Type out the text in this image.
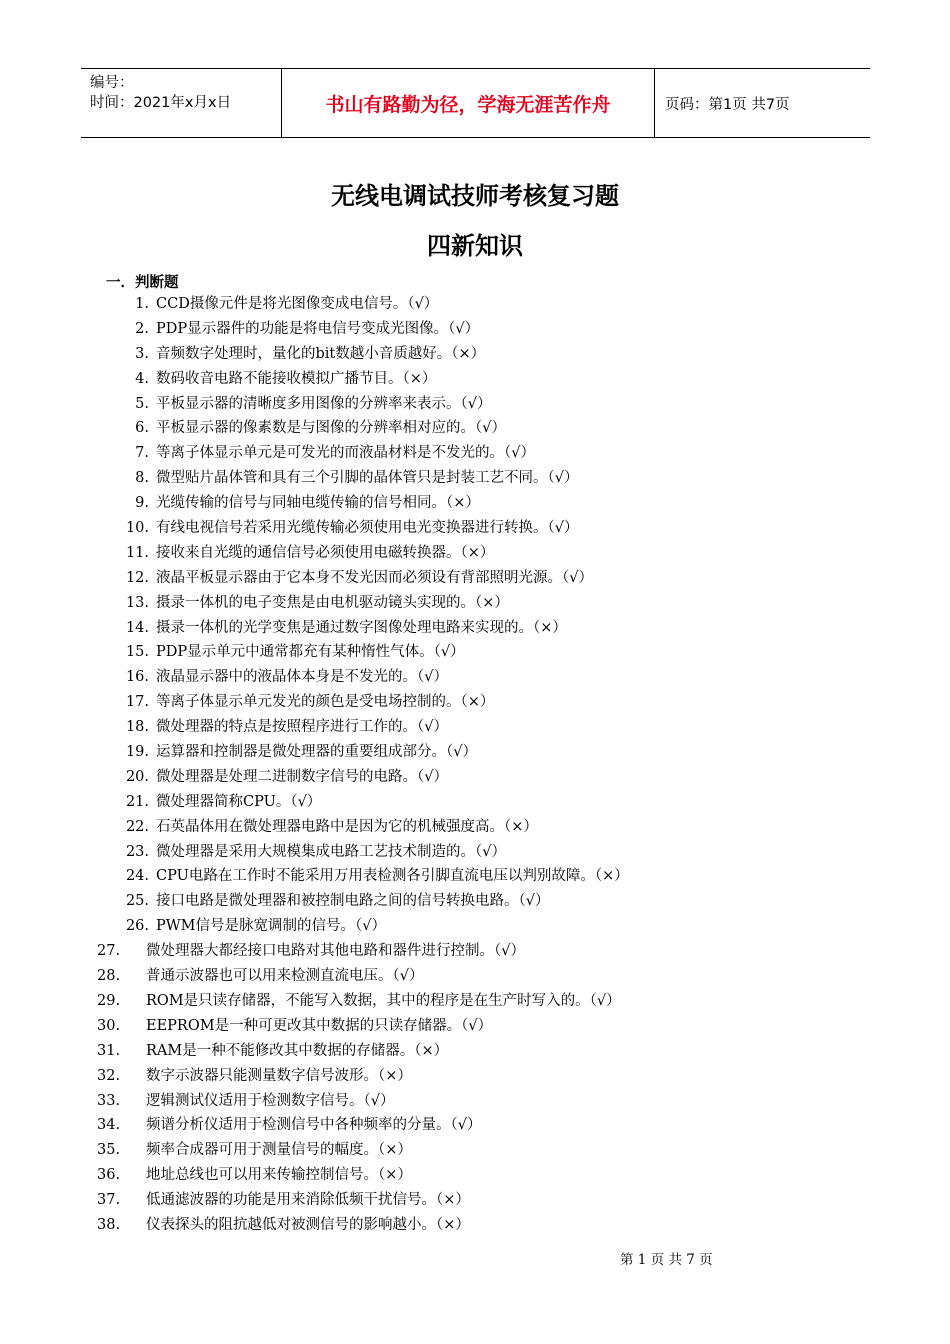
编号：
时间：2021年x月x日	书山有路勤为径，学海无涯苦作舟	页码：第1页 共7页
无线电调试技师考核复习题
四新知识
一．判断题
1. CCD摄像元件是将光图像变成电信号。（√）
2. PDP显示器件的功能是将电信号变成光图像。（√）
3. 音频数字处理时，量化的bit数越小音质越好。（×）
4. 数码收音电路不能接收模拟广播节目。（×）
5. 平板显示器的清晰度多用图像的分辨率来表示。（√）
6. 平板显示器的像素数是与图像的分辨率相对应的。（√）
7. 等离子体显示单元是可发光的而液晶材料是不发光的。（√）
8. 微型贴片晶体管和具有三个引脚的晶体管只是封装工艺不同。（√）
9. 光缆传输的信号与同轴电缆传输的信号相同。（×）
10. 有线电视信号若采用光缆传输必须使用电光变换器进行转换。（√）
11. 接收来自光缆的通信信号必须使用电磁转换器。（×）
12. 液晶平板显示器由于它本身不发光因而必须设有背部照明光源。（√）
13. 摄录一体机的电子变焦是由电机驱动镜头实现的。（×）
14. 摄录一体机的光学变焦是通过数字图像处理电路来实现的。（×）
15. PDP显示单元中通常都充有某种惰性气体。（√）
16. 液晶显示器中的液晶体本身是不发光的。（√）
17. 等离子体显示单元发光的颜色是受电场控制的。（×）
18. 微处理器的特点是按照程序进行工作的。（√）
19. 运算器和控制器是微处理器的重要组成部分。（√）
20. 微处理器是处理二进制数字信号的电路。（√）
21. 微处理器简称CPU。（√）
22. 石英晶体用在微处理器电路中是因为它的机械强度高。（×）
23. 微处理器是采用大规模集成电路工艺技术制造的。（√）
24. CPU电路在工作时不能采用万用表检测各引脚直流电压以判别故障。（×）
25. 接口电路是微处理器和被控制电路之间的信号转换电路。（√）
26. PWM信号是脉宽调制的信号。（√）
27. 微处理器大都经接口电路对其他电路和器件进行控制。（√）
28. 普通示波器也可以用来检测直流电压。（√）
29. ROM是只读存储器，不能写入数据，其中的程序是在生产时写入的。（√）
30. EEPROM是一种可更改其中数据的只读存储器。（√）
31. RAM是一种不能修改其中数据的存储器。（×）
32. 数字示波器只能测量数字信号波形。（×）
33. 逻辑测试仪适用于检测数字信号。（√）
34. 频谱分析仪适用于检测信号中各种频率的分量。（√）
35. 频率合成器可用于测量信号的幅度。（×）
36. 地址总线也可以用来传输控制信号。（×）
37. 低通滤波器的功能是用来消除低频干扰信号。（×）
38. 仪表探头的阻抗越低对被测信号的影响越小。（×）
第 1 页 共 7 页
